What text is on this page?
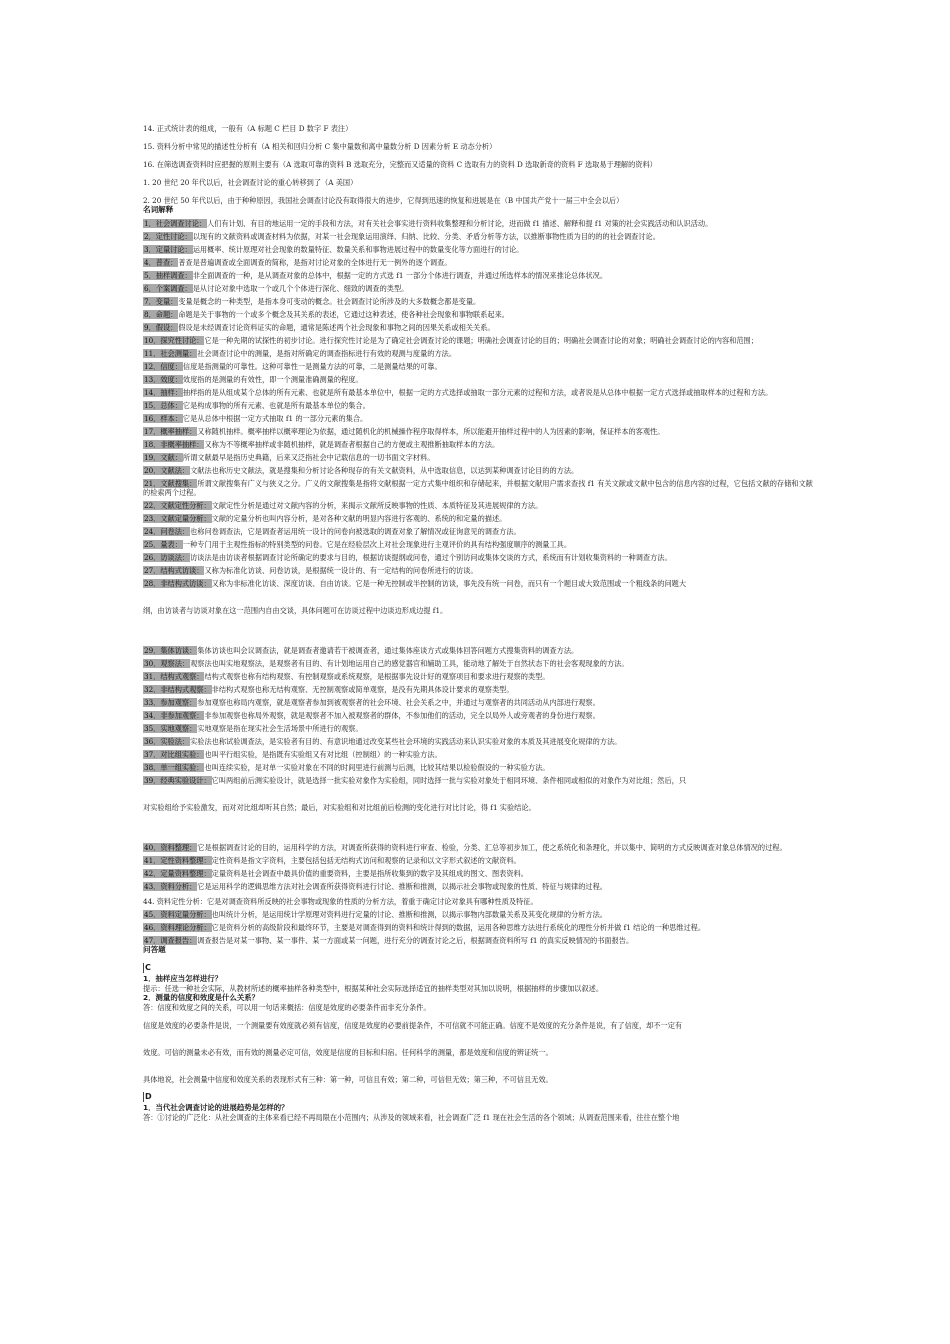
14. 正式统计表的组成，一般有（A 标题 C 栏目 D 数字 F 表注）

15. 资料分析中常见的描述性分析有（A 相关和回归分析 C 集中量数和离中量数分析 D 因素分析 E 动态分析）

16. 在筛选调查资料时应把握的原则主要有（A 选取可靠的资料 B 选取充分，完整而又适量的资料 C 选取有力的资料 D 选取新奇的资料 F 选取易于理解的资料）

1. 20 世纪 20 年代以后，社会调查讨论的重心转移到了（A 美国）

2. 20 世纪 50 年代以后，由于种种原因，我国社会调查讨论没有取得很大的进步，它得到迅速的恢复和进展是在（B 中国共产党十一届三中全会以后）

名词解释

1．社会调查讨论：人们有计划、有目的地运用一定的手段和方法，对有关社会事实进行资料收集整理和分析讨论，进而做 f1 描述、解释和提 f1 对策的社会实践活动和认识活动。

2．定性讨论：以现有的文献资料或调查材料为依据，对某一社会现象运用演绎、归纳、比较、分类、矛盾分析等方法，以推断事物性质为目的的的社会调查讨论。

3．定量讨论：运用概率、统计原理对社会现象的数量特征、数量关系和事物进展过程中的数量变化等方面进行的讨论。

4．普查：普查是普遍调查或全面调查的简称，是指对讨论对象的全体进行无一例外的逐个调查。

5．抽样调查：非全面调查的一种，是从调查对象的总体中，根据一定的方式选 f1 一部分个体进行调查，并通过所选样本的情况来推论总体状况。

6．个案调查：是从讨论对象中选取一个或几个个体进行深化、细致的调查的类型。

7．变量：变量是概念的一种类型，是指本身可变动的概念。社会调查讨论所涉及的大多数概念都是变量。

8．命题：命题是关于事物的一个或多个概念及其关系的表述，它通过这种表述，使各种社会现象和事物联系起来。

9．假设：假设是未经调查讨论资料证实的命题，通常是陈述两个社会现象和事物之间的因果关系或相关关系。

10．探究性讨论：它是一种先期的试探性的初步讨论。进行探究性讨论是为了确定社会调查讨论的课题；明确社会调查讨论的目的；明确社会调查讨论的对象；明确社会调查讨论的内容和范围；

11．社会测量：社会调查讨论中的测量，是指对所确定的调查指标进行有效的观测与度量的方法。

12．信度：信度是指测量的可靠性。这种可靠性一是测量方法的可靠，二是测量结果的可靠。

13．效度：效度指的是测量的有效性，即一个测量准确测量的程度。

14．抽样：抽样指的是从组成某个总体的所有元素、也就是所有最基本单位中，根据一定的方式选择或抽取一部分元素的过程和方法，或者说是从总体中根据一定方式选择或抽取样本的过程和方法。

15．总体：它是构成事物的所有元素、也就是所有最基本单位的集合。

16．样本：它是从总体中根据一定方式抽取 f1 的一部分元素的集合。

17．概率抽样：又称随机抽样。概率抽样以概率理论为依据，通过随机化的机械操作程序取得样本，所以能避开抽样过程中的人为因素的影响，保证样本的客观性。

18．非概率抽样：又称为不等概率抽样或非随机抽样，就是调查者根据自己的方便或主观推断抽取样本的方法。

19．文献：所谓文献最早是指历史典籍，后来又泛指社会中记载信息的一切书面文字材料。

20．文献法：文献法也称历史文献法，就是搜集和分析讨论各种现存的有关文献资料，从中选取信息，以达到某种调查讨论目的的方法。

21．文献搜集：所谓文献搜集有广义与狭义之分。广义的文献搜集是指将文献根据一定方式集中组织和存储起来，并根据文献用户需求查找 f1 有关文献或文献中包含的信息内容的过程，它包括文献的存储和文献的检索两个过程。

22．文献定性分析：文献定性分析是通过对文献内容的分析，来揭示文献所反映事物的性质、本质特征及其进展规律的方法。

23．文献定量分析：文献的定量分析也叫内容分析，是对各种文献的明显内容进行客观的、系统的和定量的描述。

24．问卷法：也称问卷调查法，它是调查者运用统一设计的问卷向被选取的调查对象了解情况或征询意见的调查方法。

25．量表：一种专门用于主观性指标的特别类型的问卷。它是在经验层次上对社会现象进行主观评价的具有结构强度顺序的测量工具。

26．访谈法：访谈法是由访谈者根据调查讨论所确定的要求与目的，根据访谈提纲或问卷，通过个别访问或集体交谈的方式，系统而有计划收集资料的一种调查方法。

27．结构式访谈：又称为标准化访谈、问卷访谈，是根据统一设计的、有一定结构的问卷所进行的访谈。

28．非结构式访谈：又称为非标准化访谈、深度访谈、自由访谈。它是一种无控制或半控制的访谈，事先没有统一问卷，而只有一个题目或大致范围或一个粗线条的问题大

纲，由访谈者与访谈对象在这一范围内自由交谈，具体问题可在访谈过程中边谈边形成边提 f1。

29．集体访谈：集体访谈也叫会议调查法，就是调查者邀请若干被调查者，通过集体座谈方式或集体回答问题方式搜集资料的调查方法。

30．观察法：观察法也叫实地观察法，是观察者有目的、有计划地运用自己的感觉器官和辅助工具，能动地了解处于自然状态下的社会客观现象的方法。

31．结构式观察：结构式观察也称有结构观察、有控制观察或系统观察，是根据事先设计好的观察项目和要求进行观察的类型。

32．非结构式观察：非结构式观察也称无结构观察、无控制观察或简单观察，是没有先期具体设计要求的观察类型。

33．参加观察：参加观察也称局内观察，就是观察者参加到被观察者的社会环境、社会关系之中，并通过与观察者的共同活动从内部进行观察。

34．非参加观察：非参加观察也称局外观察，就是观察者不加入被观察者的群体，不参加他们的活动，完全以局外人或旁观者的身份进行观察。

35．实地观察：实地观察是指在现实社会生活场景中所进行的观察。

36．实验法：实验法也称试验调查法，是实验者有目的、有意识地通过改变某些社会环境的实践活动来认识实验对象的本质及其进展变化规律的方法。

37．对比组实验：也叫平行组实验，是指既有实验组又有对比组（控制组）的一种实验方法。

38．单一组实验：也叫连续实验，是对单一实验对象在不同的时间里进行前测与后测，比较其结果以检验假设的一种实验方法。

39．经典实验设计：它叫两组前后测实验设计，就是选择一批实验对象作为实验组，同时选择一批与实验对象处于相同环境、条件相同或相似的对象作为对比组；然后，只

对实验组给予实验激发，而对对比组却听其自然；最后，对实验组和对比组前后检测的变化进行对比讨论，得 f1 实验结论。

40．资料整理：它是根据调查讨论的目的，运用科学的方法，对调查所获得的资料进行审查、检验，分类、汇总等初步加工，使之系统化和条理化，并以集中、简明的方式反映调查对象总体情况的过程。

41．定性资料整理：定性资料是指文字资料，主要包括包括无结构式访问和观察的记录和以文字形式叙述的文献资料。

42．定量资料整理：定量资料是社会调查中最具价值的重要资料，主要是指所收集到的数字及其组成的图文、图表资料。

43．资料分析：它是运用科学的逻辑思维方法对社会调查所获得资料进行讨论、推断和推测，以揭示社会事物或现象的性质、特征与规律的过程。

44. 资料定性分析：它是对调查资料所反映的社会事物或现象的性质的分析方法，着重于确定讨论对象具有哪种性质及特征。

45．资料定量分析：也叫统计分析，是运用统计学原理对资料进行定量的讨论、推断和推测，以揭示事物内部数量关系及其变化规律的分析方法。

46．资料理论分析：它是资料分析的高级阶段和最终环节，主要是对调查得到的资料和统计得到的数据，运用各种思维方法进行系统化的理性分析并做 f1 结论的一种思维过程。

47．调查报告：调查报告是对某一事物、某一事件、某一方面或某一问题，进行充分的调查讨论之后，根据调查资料所写 f1 的真实反映情况的书面报告。

问答题

C

1．抽样应当怎样进行？

提示：任选一种社会实际，从教材所述的概率抽样各种类型中，根据某种社会实际选择适宜的抽样类型对其加以说明，根据抽样的步骤加以叙述。

2．测量的信度和效度是什么关系？

答：信度和效度之间的关系，可以用一句话来概括：信度是效度的必要条件而非充分条件。

信度是效度的必要条件是说，一个测量要有效度就必须有信度，信度是效度的必要前提条件，不可信就不可能正确。信度不是效度的充分条件是说，有了信度，却不一定有

效度。可信的测量未必有效，而有效的测量必定可信，效度是信度的目标和归宿。任何科学的测量，都是效度和信度的辨证统一。

具体地说，社会测量中信度和效度关系的表现形式有三种：第一种，可信且有效；第二种，可信但无效；第三种，不可信且无效。

D

1．当代社会调查讨论的进展趋势是怎样的？

答：①讨论的广泛化：从社会调查的主体来看已经不再局限在小范围内；从涉及的领域来看，社会调查广泛 f1 现在社会生活的各个领域；从调查范围来看，往往在整个地
